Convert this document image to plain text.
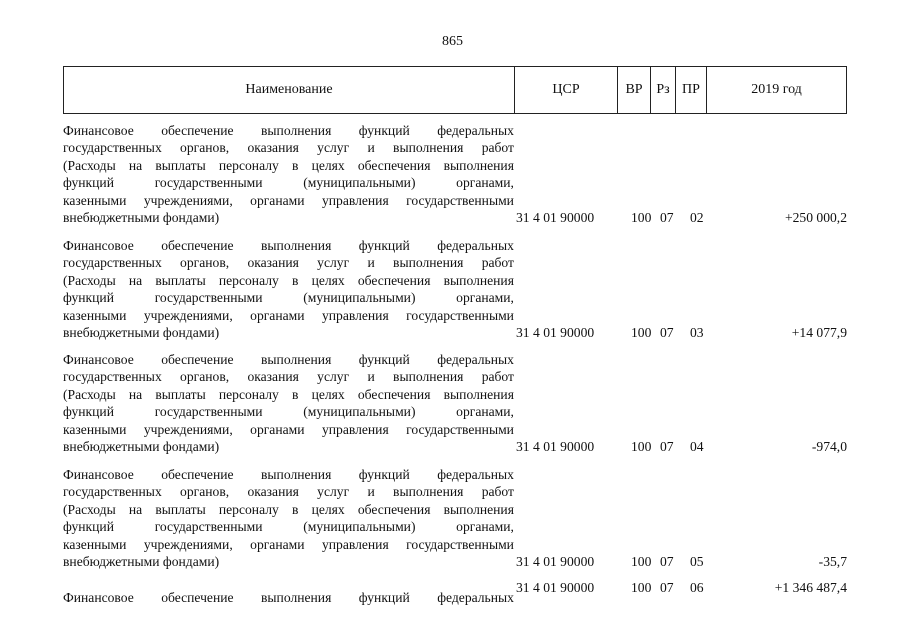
865
Наименование	ЦСР	ВР Рз ПР	2019 год
Финансовое обеспечение выполнения функций федеральных
государственных органов, оказания услуг и выполнения работ
(Расходы на выплаты персоналу в целях обеспечения выполнения
функций	государственными	(муниципальными)	органами,
казенными учреждениями, органами управления государственными
внебюджетными фондами)	31 4 01 90000	100 07 02	+250 000,2
Финансовое обеспечение выполнения функций федеральных
государственных органов, оказания услуг и выполнения работ
(Расходы на выплаты персоналу в целях обеспечения выполнения
функций	государственными	(муниципальными)	органами,
казенными учреждениями, органами управления государственными
внебюджетными фондами)	31 4 01 90000	100 07 03	+14 077,9
Финансовое обеспечение выполнения функций федеральных
государственных органов, оказания услуг и выполнения работ
(Расходы на выплаты персоналу в целях обеспечения выполнения
функций	государственными	(муниципальными)	органами,
казенными учреждениями, органами управления государственными
внебюджетными фондами)	31 4 01 90000	100 07 04	-974,0
Финансовое обеспечение выполнения функций федеральных
государственных органов, оказания услуг и выполнения работ
(Расходы на выплаты персоналу в целях обеспечения выполнения
функций	государственными	(муниципальными)	органами,
казенными учреждениями, органами управления государственными
внебюджетными фондами)	31 4 01 90000	100 07 05	-35,7
31 4 01 90000	100 07 06	+1 346 487,4
Финансовое обеспечение выполнения функций федеральных
